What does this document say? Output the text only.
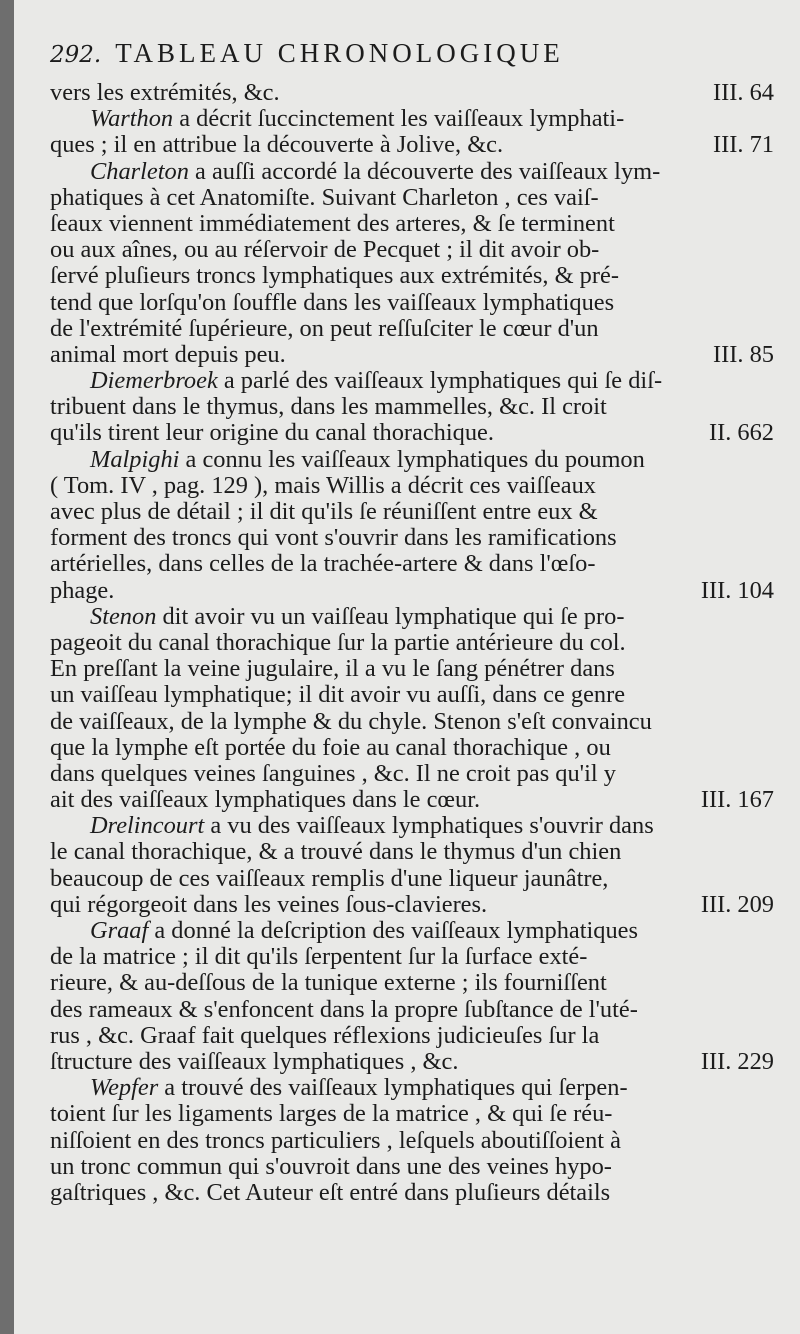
292. TABLEAU CHRONOLOGIQUE
vers les extrémités, &c.	III. 64
Warthon a décrit ſuccinctement les vaiſſeaux lymphati-
ques ; il en attribue la découverte à Jolive, &c.	III. 71
Charleton a auſſi accordé la découverte des vaiſſeaux lym-
phatiques à cet Anatomiſte. Suivant Charleton , ces vaiſ-
ſeaux viennent immédiatement des arteres, & ſe terminent
ou aux aînes, ou au réſervoir de Pecquet ; il dit avoir ob-
ſervé pluſieurs troncs lymphatiques aux extrémités, & pré-
tend que lorſqu'on ſouffle dans les vaiſſeaux lymphatiques
de l'extrémité ſupérieure, on peut reſſuſciter le cœur d'un
animal mort depuis peu.	III. 85
Diemerbroek a parlé des vaiſſeaux lymphatiques qui ſe diſ-
tribuent dans le thymus, dans les mammelles, &c. Il croit
qu'ils tirent leur origine du canal thorachique.	II. 662
Malpighi a connu les vaiſſeaux lymphatiques du poumon
( Tom. IV , pag. 129 ), mais Willis a décrit ces vaiſſeaux
avec plus de détail ; il dit qu'ils ſe réuniſſent entre eux &
forment des troncs qui vont s'ouvrir dans les ramifications
artérielles, dans celles de la trachée-artere & dans l'œſo-
phage.	III. 104
Stenon dit avoir vu un vaiſſeau lymphatique qui ſe pro-
pageoit du canal thorachique ſur la partie antérieure du col.
En preſſant la veine jugulaire, il a vu le ſang pénétrer dans
un vaiſſeau lymphatique; il dit avoir vu auſſi, dans ce genre
de vaiſſeaux, de la lymphe & du chyle. Stenon s'eſt convaincu
que la lymphe eſt portée du foie au canal thorachique , ou
dans quelques veines ſanguines , &c. Il ne croit pas qu'il y
ait des vaiſſeaux lymphatiques dans le cœur.	III. 167
Drelincourt a vu des vaiſſeaux lymphatiques s'ouvrir dans
le canal thorachique, & a trouvé dans le thymus d'un chien
beaucoup de ces vaiſſeaux remplis d'une liqueur jaunâtre,
qui régorgeoit dans les veines ſous-clavieres.	III. 209
Graaf a donné la deſcription des vaiſſeaux lymphatiques
de la matrice ; il dit qu'ils ſerpentent ſur la ſurface exté-
rieure, & au-deſſous de la tunique externe ; ils fourniſſent
des rameaux & s'enfoncent dans la propre ſubſtance de l'uté-
rus , &c. Graaf fait quelques réflexions judicieuſes ſur la
ſtructure des vaiſſeaux lymphatiques , &c.	III. 229
Wepfer a trouvé des vaiſſeaux lymphatiques qui ſerpen-
toient ſur les ligaments larges de la matrice , & qui ſe réu-
niſſoient en des troncs particuliers , leſquels aboutiſſoient à
un tronc commun qui s'ouvroit dans une des veines hypo-
gaſtriques , &c. Cet Auteur eſt entré dans pluſieurs détails
